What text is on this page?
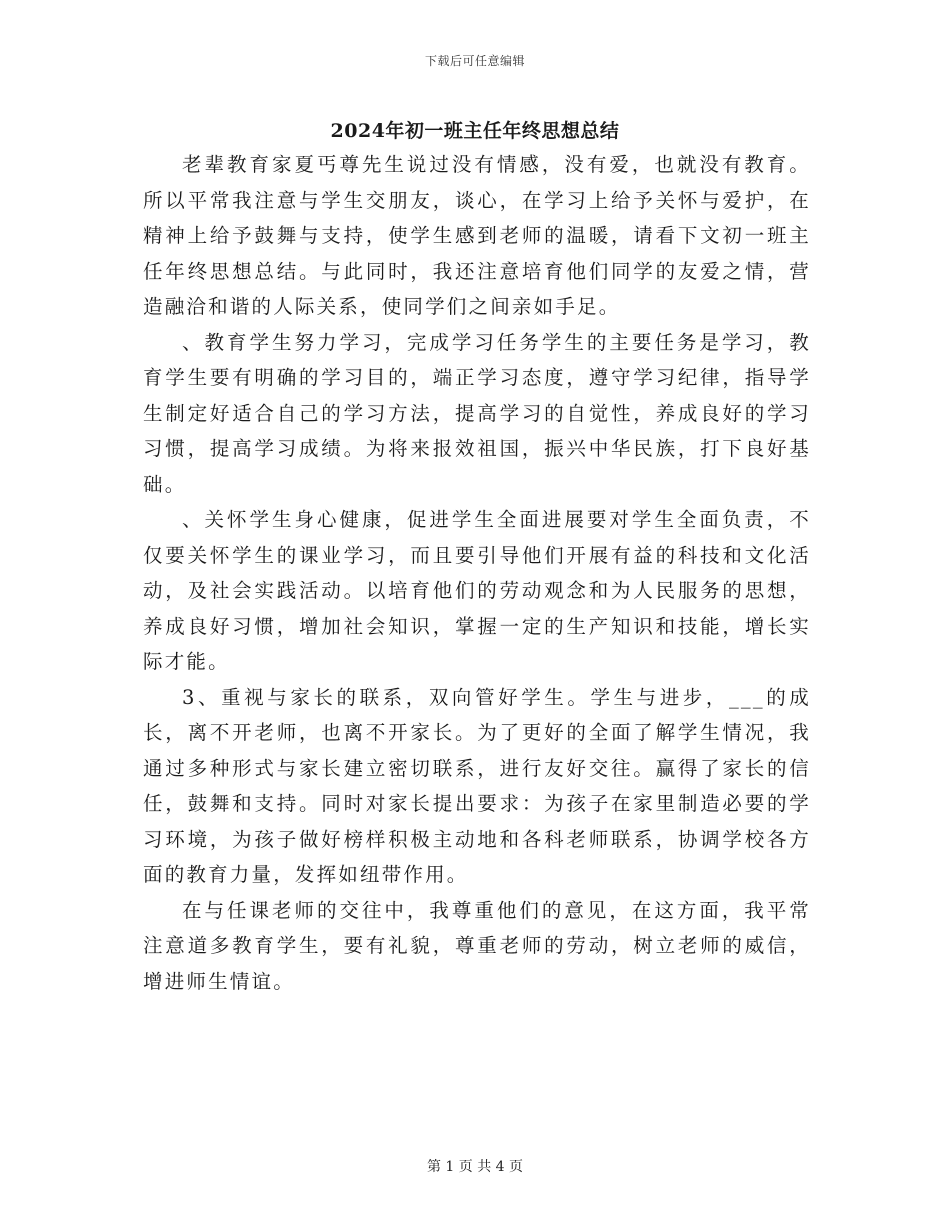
下载后可任意编辑
2024年初一班主任年终思想总结

老辈教育家夏丐尊先生说过没有情感，没有爱，也就没有教育。所以平常我注意与学生交朋友，谈心，在学习上给予关怀与爱护，在精神上给予鼓舞与支持，使学生感到老师的温暖，请看下文初一班主任年终思想总结。与此同时，我还注意培育他们同学的友爱之情，营造融洽和谐的人际关系，使同学们之间亲如手足。

、教育学生努力学习，完成学习任务学生的主要任务是学习，教育学生要有明确的学习目的，端正学习态度，遵守学习纪律，指导学生制定好适合自己的学习方法，提高学习的自觉性，养成良好的学习习惯，提高学习成绩。为将来报效祖国，振兴中华民族，打下良好基础。

、关怀学生身心健康，促进学生全面进展要对学生全面负责，不仅要关怀学生的课业学习，而且要引导他们开展有益的科技和文化活动，及社会实践活动。以培育他们的劳动观念和为人民服务的思想，养成良好习惯，增加社会知识，掌握一定的生产知识和技能，增长实际才能。

3、重视与家长的联系，双向管好学生。学生与进步，___的成长，离不开老师，也离不开家长。为了更好的全面了解学生情况，我通过多种形式与家长建立密切联系，进行友好交往。赢得了家长的信任，鼓舞和支持。同时对家长提出要求：为孩子在家里制造必要的学习环境，为孩子做好榜样积极主动地和各科老师联系，协调学校各方面的教育力量，发挥如纽带作用。

在与任课老师的交往中，我尊重他们的意见，在这方面，我平常注意道多教育学生，要有礼貌，尊重老师的劳动，树立老师的威信，增进师生情谊。

第 1 页 共 4 页
